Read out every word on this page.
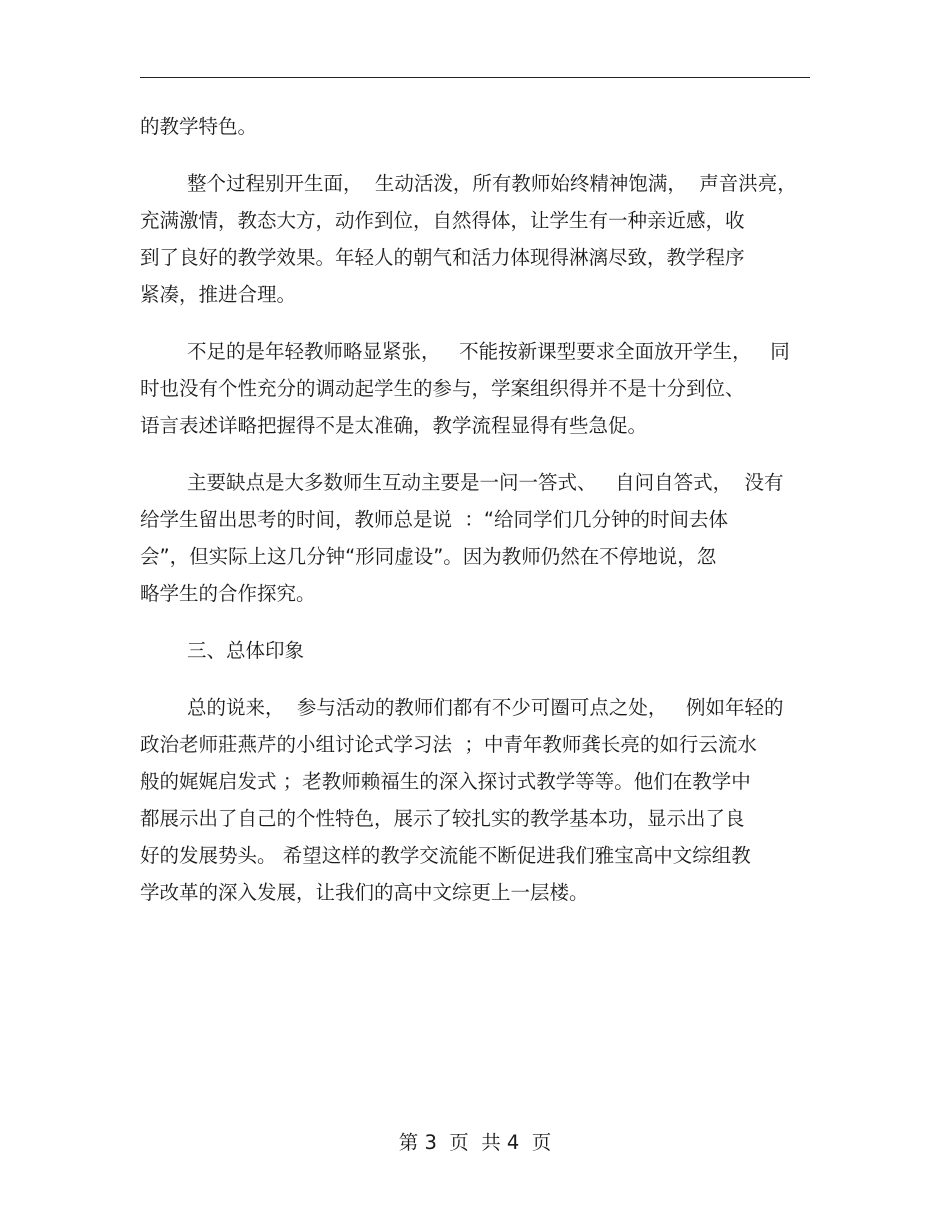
的教学特色。
整个过程别开生面，  生动活泼，所有教师始终精神饱满，  声音洪亮，
充满激情，教态大方，动作到位，自然得体，让学生有一种亲近感，收
到了良好的教学效果。年轻人的朝气和活力体现得淋漓尽致，教学程序
紧凑，推进合理。
不足的是年轻教师略显紧张，   不能按新课型要求全面放开学生，   同
时也没有个性充分的调动起学生的参与，学案组织得并不是十分到位、
语言表述详略把握得不是太准确，教学流程显得有些急促。
主要缺点是大多数师生互动主要是一问一答式、   自问自答式，  没有
给学生留出思考的时间，教师总是说  ：“给同学们几分钟的时间去体
会”，但实际上这几分钟“形同虚设”。因为教师仍然在不停地说，忽
略学生的合作探究。
三、总体印象
总的说来，  参与活动的教师们都有不少可圈可点之处，   例如年轻的
政治老师莊燕芹的小组讨论式学习法  ；中青年教师龚长亮的如行云流水
般的娓娓启发式 ；老教师赖福生的深入探讨式教学等等。他们在教学中
都展示出了自己的个性特色，展示了较扎实的教学基本功，显示出了良
好的发展势头。 希望这样的教学交流能不断促进我们雅宝高中文综组教
学改革的深入发展，让我们的高中文综更上一层楼。
第 3  页  共 4  页
